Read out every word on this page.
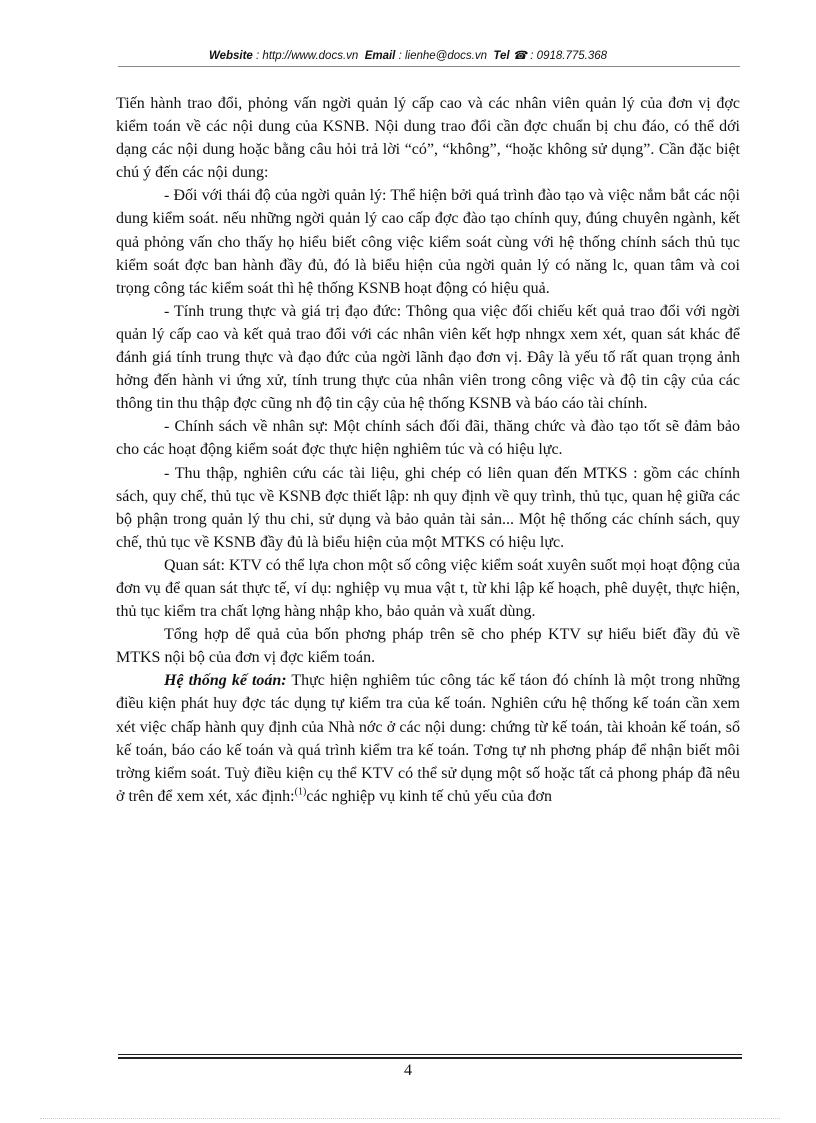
Website : http://www.docs.vn Email : lienhe@docs.vn Tel ☎ : 0918.775.368

Tiến hành trao đổi, phỏng vấn ngời quản lý cấp cao và các nhân viên quản lý của đơn vị đợc kiểm toán về các nội dung của KSNB. Nội dung trao đổi cần đợc chuẩn bị chu đáo, có thể dới dạng các nội dung hoặc bằng câu hỏi trả lời “có”, “không”, “hoặc không sử dụng”. Cần đặc biệt chú ý đến các nội dung:

- Đối với thái độ của ngời quản lý: Thể hiện bởi quá trình đào tạo và việc nắm bắt các nội dung kiểm soát. nếu những ngời quản lý cao cấp đợc đào tạo chính quy, đúng chuyên ngành, kết quả phỏng vấn cho thấy họ hiểu biết công việc kiểm soát cùng với hệ thống chính sách thủ tục kiểm soát đợc ban hành đầy đủ, đó là biểu hiện của ngời quản lý có năng lc, quan tâm và coi trọng công tác kiểm soát thì hệ thống KSNB hoạt động có hiệu quả.

- Tính trung thực và giá trị đạo đức: Thông qua việc đối chiếu kết quả trao đổi với ngời quản lý cấp cao và kết quả trao đổi với các nhân viên kết hợp nhngx xem xét, quan sát khác để đánh giá tính trung thực và đạo đức của ngời lãnh đạo đơn vị. Đây là yếu tố rất quan trọng ảnh hởng đến hành vi ứng xử, tính trung thực của nhân viên trong công việc và độ tin cậy của các thông tin thu thập đợc cũng nh độ tin cậy của hệ thống KSNB và báo cáo tài chính.

- Chính sách về nhân sự: Một chính sách đối đãi, thăng chức và đào tạo tốt sẽ đảm bảo cho các hoạt động kiểm soát đợc thực hiện nghiêm túc và có hiệu lực.

- Thu thập, nghiên cứu các tài liệu, ghi chép có liên quan đến MTKS : gồm các chính sách, quy chế, thủ tục về KSNB đợc thiết lập: nh quy định về quy trình, thủ tục, quan hệ giữa các bộ phận trong quản lý thu chi, sử dụng và bảo quản tài sản... Một hệ thống các chính sách, quy chế, thủ tục về KSNB đầy đủ là biểu hiện của một MTKS có hiệu lực.

Quan sát: KTV có thể lựa chon một số công việc kiểm soát xuyên suốt mọi hoạt động của đơn vụ để quan sát thực tế, ví dụ: nghiệp vụ mua vật t, từ khi lập kế hoạch, phê duyệt, thực hiện, thủ tục kiểm tra chất lợng hàng nhập kho, bảo quản và xuất dùng.

Tổng hợp dể quả của bốn phơng pháp trên sẽ cho phép KTV sự hiểu biết đầy đủ về MTKS nội bộ của đơn vị đợc kiểm toán.

Hệ thống kế toán: Thực hiện nghiêm túc công tác kế táon đó chính là một trong những điều kiện phát huy đợc tác dụng tự kiểm tra của kế toán. Nghiên cứu hệ thống kế toán cần xem xét việc chấp hành quy định của Nhà nớc ở các nội dung: chứng từ kế toán, tài khoản kế toán, sổ kế toán, báo cáo kế toán và quá trình kiểm tra kế toán. Tơng tự nh phơng pháp để nhận biết môi trờng kiểm soát. Tuỳ điều kiện cụ thể KTV có thể sử dụng một số hoặc tất cả phong pháp đã nêu ở trên để xem xét, xác định:$^{(1)}$các nghiệp vụ kinh tế chủ yếu của đơn

4
